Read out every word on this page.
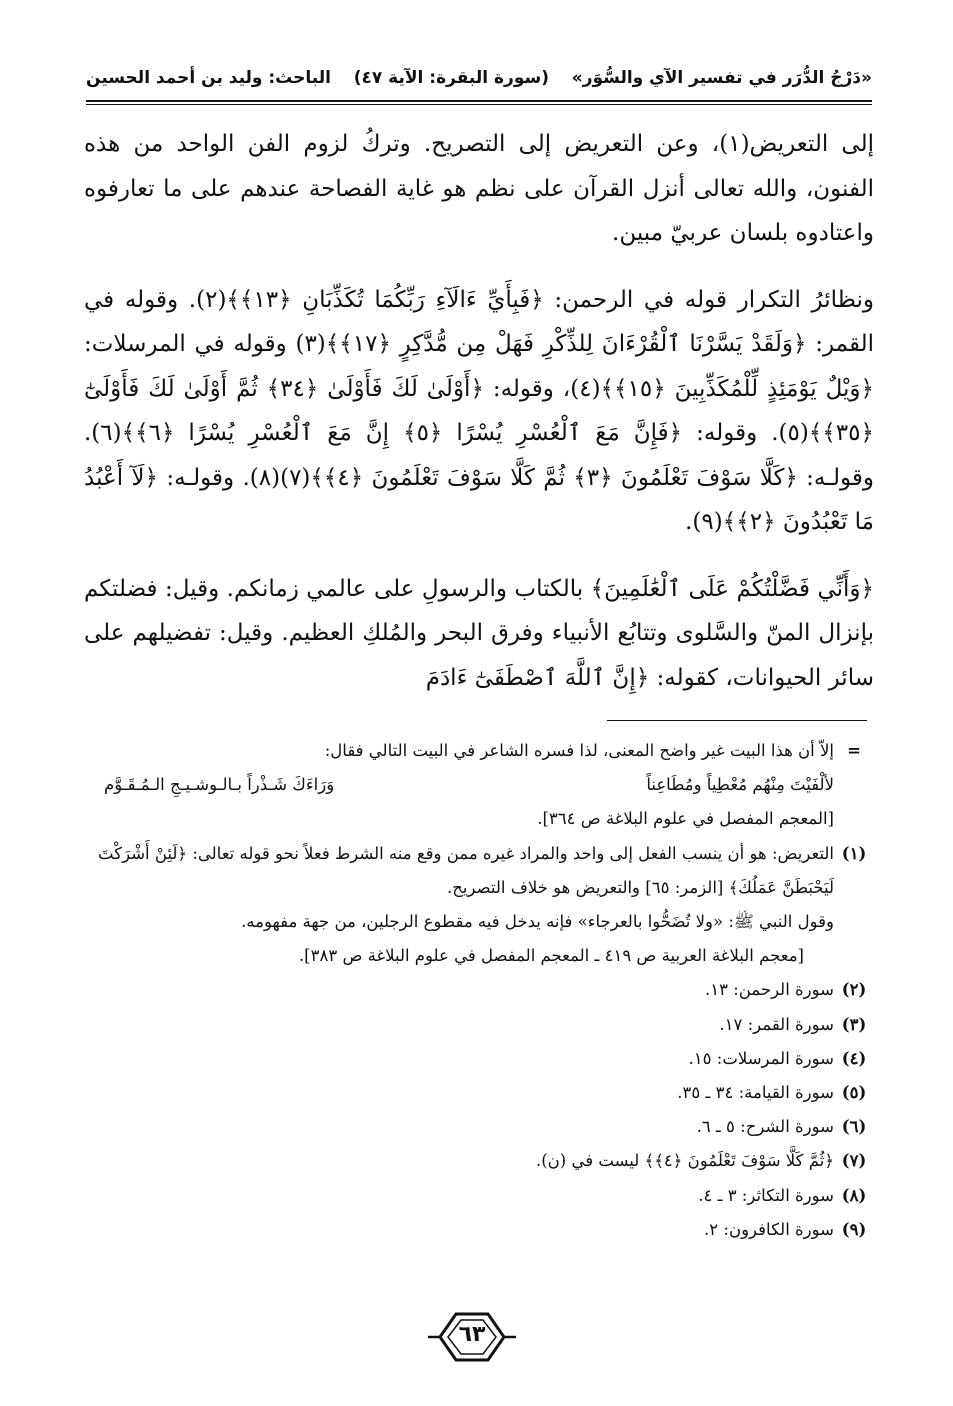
«دَرْجُ الدُّرَر في تفسير الآي والسُّوَر»
(سورة البقرة: الآية ٤٧)
الباحث: وليد بن أحمد الحسين

إلى التعريض(١)، وعن التعريض إلى التصريح. وتركُ لزوم الفن الواحد من هذه الفنون، والله تعالى أنزل القرآن على نظم هو غاية الفصاحة عندهم على ما تعارفوه واعتادوه بلسان عربيّ مبين.

ونظائرُ التكرار قوله في الرحمن: ﴿فَبِأَيِّ ءَالَآءِ رَبِّكُمَا تُكَذِّبَانِ ﴿١٣﴾﴾(٢). وقوله في القمر: ﴿وَلَقَدْ يَسَّرْنَا ٱلْقُرْءَانَ لِلذِّكْرِ فَهَلْ مِن مُّدَّكِرٍ ﴿١٧﴾﴾(٣) وقوله في المرسلات: ﴿وَيْلٌ يَوْمَئِذٍ لِّلْمُكَذِّبِينَ ﴿١٥﴾﴾(٤)، وقوله: ﴿أَوْلَىٰ لَكَ فَأَوْلَىٰ ﴿٣٤﴾ ثُمَّ أَوْلَىٰ لَكَ فَأَوْلَىٰٓ ﴿٣٥﴾﴾(٥). وقوله: ﴿فَإِنَّ مَعَ ٱلْعُسْرِ يُسْرًا ﴿٥﴾ إِنَّ مَعَ ٱلْعُسْرِ يُسْرًا ﴿٦﴾﴾(٦). وقولـه: ﴿كَلَّا سَوْفَ تَعْلَمُونَ ﴿٣﴾ ثُمَّ كَلَّا سَوْفَ تَعْلَمُونَ ﴿٤﴾﴾(٧)(٨). وقولـه: ﴿لَآ أَعْبُدُ مَا تَعْبُدُونَ ﴿٢﴾﴾(٩).

﴿وَأَنِّي فَضَّلْتُكُمْ عَلَى ٱلْعَٰلَمِينَ﴾ بالكتاب والرسولِ على عالمي زمانكم. وقيل: فضلتكم بإنزال المنّ والسَّلوى وتتابُع الأنبياء وفرق البحر والمُلكِ العظيم. وقيل: تفضيلهم على سائر الحيوانات، كقوله: ﴿إِنَّ ٱللَّهَ ٱصْطَفَىٰٓ ءَادَمَ

=

إلاّ أن هذا البيت غير واضح المعنى، لذا فسره الشاعر في البيت التالي فقال:

لألْفَيْتَ مِنْهُم مُعْطِياً ومُطَاعِناً
وَرَاءَكَ شَـذْراً بـالـوشـيـجِ الـمُـقَـوَّم

[المعجم المفصل في علوم البلاغة ص ٣٦٤].

(١)

التعريض: هو أن ينسب الفعل إلى واحد والمراد غيره ممن وقع منه الشرط فعلاً نحو قوله تعالى: ﴿لَئِنْ أَشْرَكْتَ لَيَحْبَطَنَّ عَمَلُكَ﴾ [الزمر: ٦٥] والتعريض هو خلاف التصريح.

وقول النبي ﷺ: «ولا تُضَحُّوا بالعرجاء» فإنه يدخل فيه مقطوع الرجلين، من جهة مفهومه.

[معجم البلاغة العربية ص ٤١٩ ـ المعجم المفصل في علوم البلاغة ص ٣٨٣].

(٢)

سورة الرحمن: ١٣.

(٣)

سورة القمر: ١٧.

(٤)

سورة المرسلات: ١٥.

(٥)

سورة القيامة: ٣٤ ـ ٣٥.

(٦)

سورة الشرح: ٥ ـ ٦.

(٧)

﴿ثُمَّ كَلَّا سَوْفَ تَعْلَمُونَ ﴿٤﴾﴾ ليست في (ن).

(٨)

سورة التكاثر: ٣ ـ ٤.

(٩)

سورة الكافرون: ٢.

٦٣
